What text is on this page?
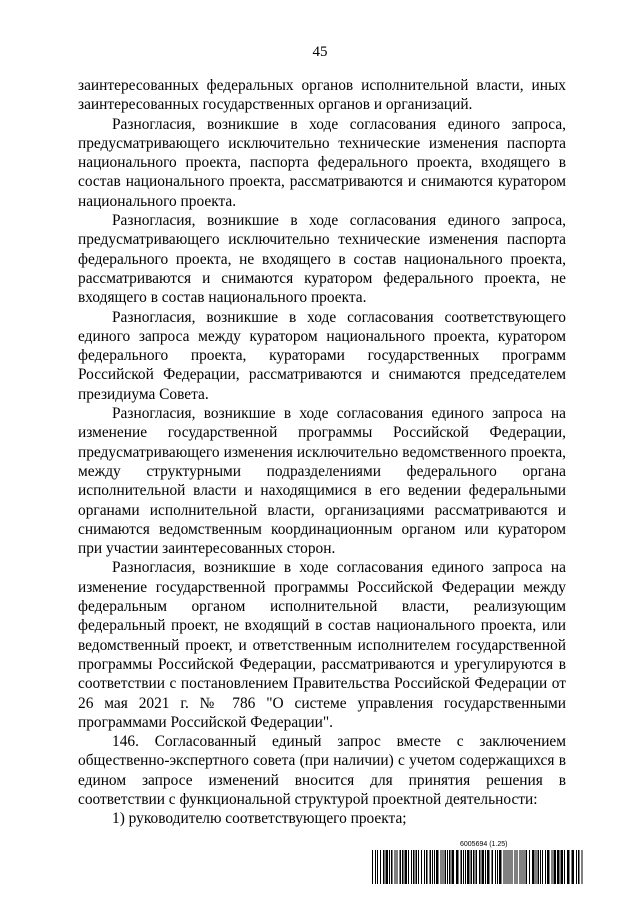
45

заинтересованных федеральных органов исполнительной власти, иных заинтересованных государственных органов и организаций.

Разногласия, возникшие в ходе согласования единого запроса, предусматривающего исключительно технические изменения паспорта национального проекта, паспорта федерального проекта, входящего в состав национального проекта, рассматриваются и снимаются куратором национального проекта.

Разногласия, возникшие в ходе согласования единого запроса, предусматривающего исключительно технические изменения паспорта федерального проекта, не входящего в состав национального проекта, рассматриваются и снимаются куратором федерального проекта, не входящего в состав национального проекта.

Разногласия, возникшие в ходе согласования соответствующего единого запроса между куратором национального проекта, куратором федерального проекта, кураторами государственных программ Российской Федерации, рассматриваются и снимаются председателем президиума Совета.

Разногласия, возникшие в ходе согласования единого запроса на изменение государственной программы Российской Федерации, предусматривающего изменения исключительно ведомственного проекта, между структурными подразделениями федерального органа исполнительной власти и находящимися в его ведении федеральными органами исполнительной власти, организациями рассматриваются и снимаются ведомственным координационным органом или куратором при участии заинтересованных сторон.

Разногласия, возникшие в ходе согласования единого запроса на изменение государственной программы Российской Федерации между федеральным органом исполнительной власти, реализующим федеральный проект, не входящий в состав национального проекта, или ведомственный проект, и ответственным исполнителем государственной программы Российской Федерации, рассматриваются и урегулируются в соответствии с постановлением Правительства Российской Федерации от 26 мая 2021 г. № 786 "О системе управления государственными программами Российской Федерации".

146. Согласованный единый запрос вместе с заключением общественно-экспертного совета (при наличии) с учетом содержащихся в едином запросе изменений вносится для принятия решения в соответствии с функциональной структурой проектной деятельности:

1) руководителю соответствующего проекта;

6005694 (1.25)
